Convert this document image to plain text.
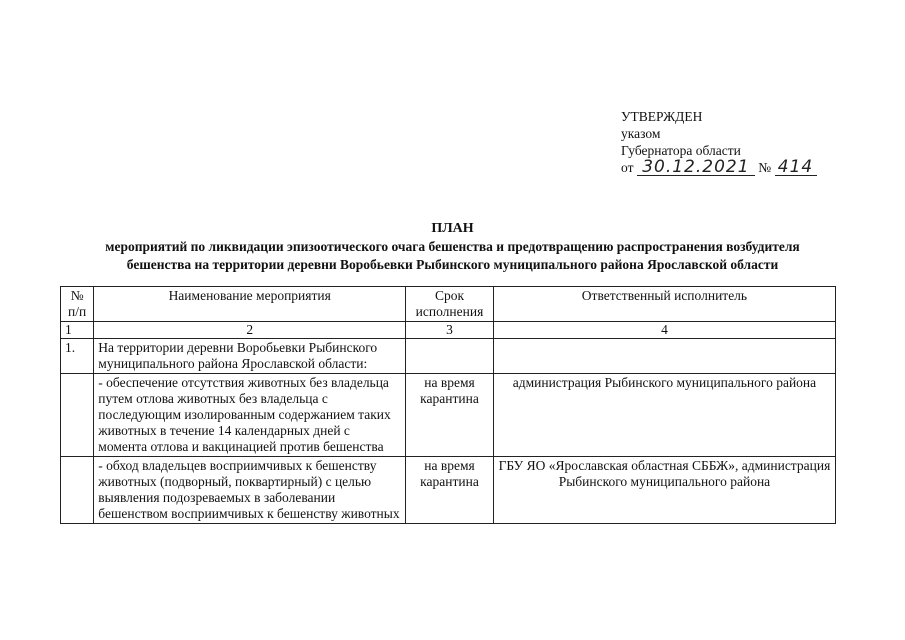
УТВЕРЖДЕН
указом
Губернатора области
от 30.12.2021 № 414
ПЛАН
мероприятий по ликвидации эпизоотического очага бешенства и предотвращению распространения возбудителя
бешенства на территории деревни Воробьевки Рыбинского муниципального района Ярославской области
№ п/п	Наименование мероприятия	Срок исполнения	Ответственный исполнитель
1	2	3	4
1.	На территории деревни Воробьевки Рыбинского муниципального района Ярославской области:		
	- обеспечение отсутствия животных без владельца путем отлова животных без владельца с последующим изолированным содержанием таких животных в течение 14 календарных дней с момента отлова и вакцинацией против бешенства	на время карантина	администрация Рыбинского муниципального района
	- обход владельцев восприимчивых к бешенству животных (подворный, поквартирный) с целью выявления подозреваемых в заболевании бешенством восприимчивых к бешенству животных	на время карантина	ГБУ ЯО «Ярославская областная СББЖ», администрация Рыбинского муниципального района
